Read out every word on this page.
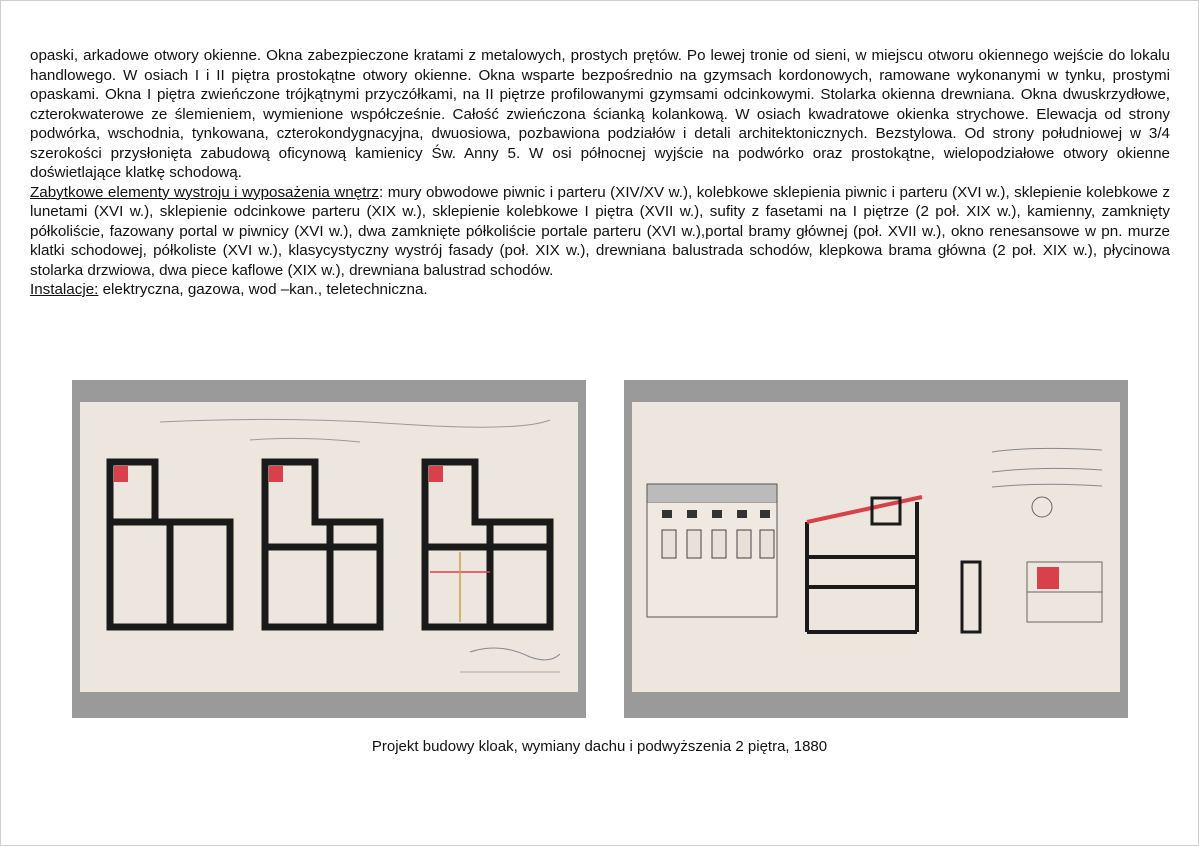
opaski, arkadowe otwory okienne. Okna zabezpieczone kratami z metalowych, prostych prętów. Po lewej tronie od sieni, w miejscu otworu okiennego wejście do lokalu handlowego. W osiach I i II piętra prostokątne otwory okienne. Okna wsparte bezpośrednio na gzymsach kordonowych, ramowane wykonanymi w tynku, prostymi opaskami. Okna I piętra zwieńczone trójkątnymi przyczółkami, na II piętrze profilowanymi gzymsami odcinkowymi. Stolarka okienna drewniana. Okna dwuskrzydłowe, czterokwaterowe ze ślemieniem, wymienione współcześnie. Całość zwieńczona ścianką kolankową. W osiach kwadratowe okienka strychowe. Elewacja od strony podwórka, wschodnia, tynkowana, czterokondygnacyjna, dwuosiowa, pozbawiona podziałów i detali architektonicznych. Bezstylowa. Od strony południowej w 3/4 szerokości przysłonięta zabudową oficynową kamienicy Św. Anny 5. W osi północnej wyjście na podwórko oraz prostokątne, wielopodziałowe otwory okienne doświetlające klatkę schodową.

Zabytkowe elementy wystroju i wyposażenia wnętrz: mury obwodowe piwnic i parteru (XIV/XV w.), kolebkowe sklepienia piwnic i parteru (XVI w.), sklepienie kolebkowe z lunetami (XVI w.), sklepienie odcinkowe parteru (XIX w.), sklepienie kolebkowe I piętra (XVII w.), sufity z fasetami na I piętrze (2 poł. XIX w.), kamienny, zamknięty półkoliście, fazowany portal w piwnicy (XVI w.), dwa zamknięte półkoliście portale parteru (XVI w.),portal bramy głównej (poł. XVII w.), okno renesansowe w pn. murze klatki schodowej, półkoliste (XVI w.), klasycystyczny wystrój fasady (poł. XIX w.), drewniana balustrada schodów, klepkowa brama główna (2 poł. XIX w.), płycinowa stolarka drzwiowa, dwa piece kaflowe (XIX w.), drewniana balustrad schodów.

Instalacje: elektryczna, gazowa, wod –kan., teletechniczna.

Projekt budowy kloak, wymiany dachu i podwyższenia 2 piętra, 1880
